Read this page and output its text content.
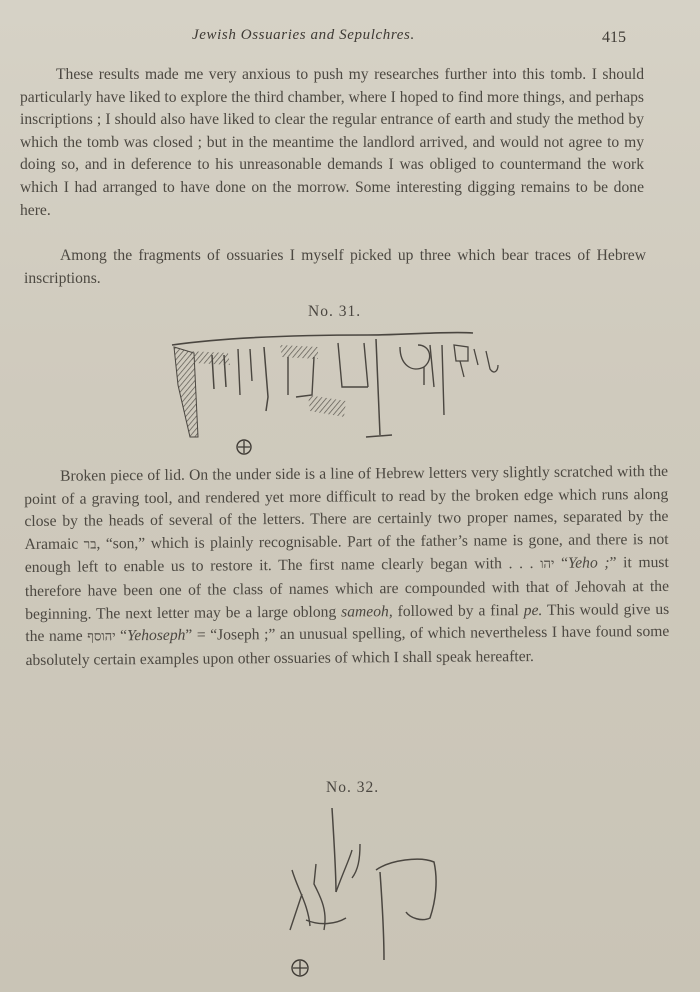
Jewish Ossuaries and Sepulchres.	415

These results made me very anxious to push my researches further into this tomb. I should particularly have liked to explore the third chamber, where I hoped to find more things, and perhaps inscriptions ; I should also have liked to clear the regular entrance of earth and study the method by which the tomb was closed ; but in the meantime the landlord arrived, and would not agree to my doing so, and in deference to his unreasonable demands I was obliged to countermand the work which I had arranged to have done on the morrow. Some interesting digging remains to be done here.

Among the fragments of ossuaries I myself picked up three which bear traces of Hebrew inscriptions.

No. 31.

Broken piece of lid. On the under side is a line of Hebrew letters very slightly scratched with the point of a graving tool, and rendered yet more difficult to read by the broken edge which runs along close by the heads of several of the letters. There are certainly two proper names, separated by the Aramaic בר, “son,” which is plainly recognisable. Part of the father’s name is gone, and there is not enough left to enable us to restore it. The first name clearly began with . . . יהו “Yeho ;” it must therefore have been one of the class of names which are compounded with that of Jehovah at the beginning. The next letter may be a large oblong sameoh, followed by a final pe. This would give us the name יהוסף “Yehoseph” = “Joseph ;” an unusual spelling, of which nevertheless I have found some absolutely certain examples upon other ossuaries of which I shall speak hereafter.

No. 32.
